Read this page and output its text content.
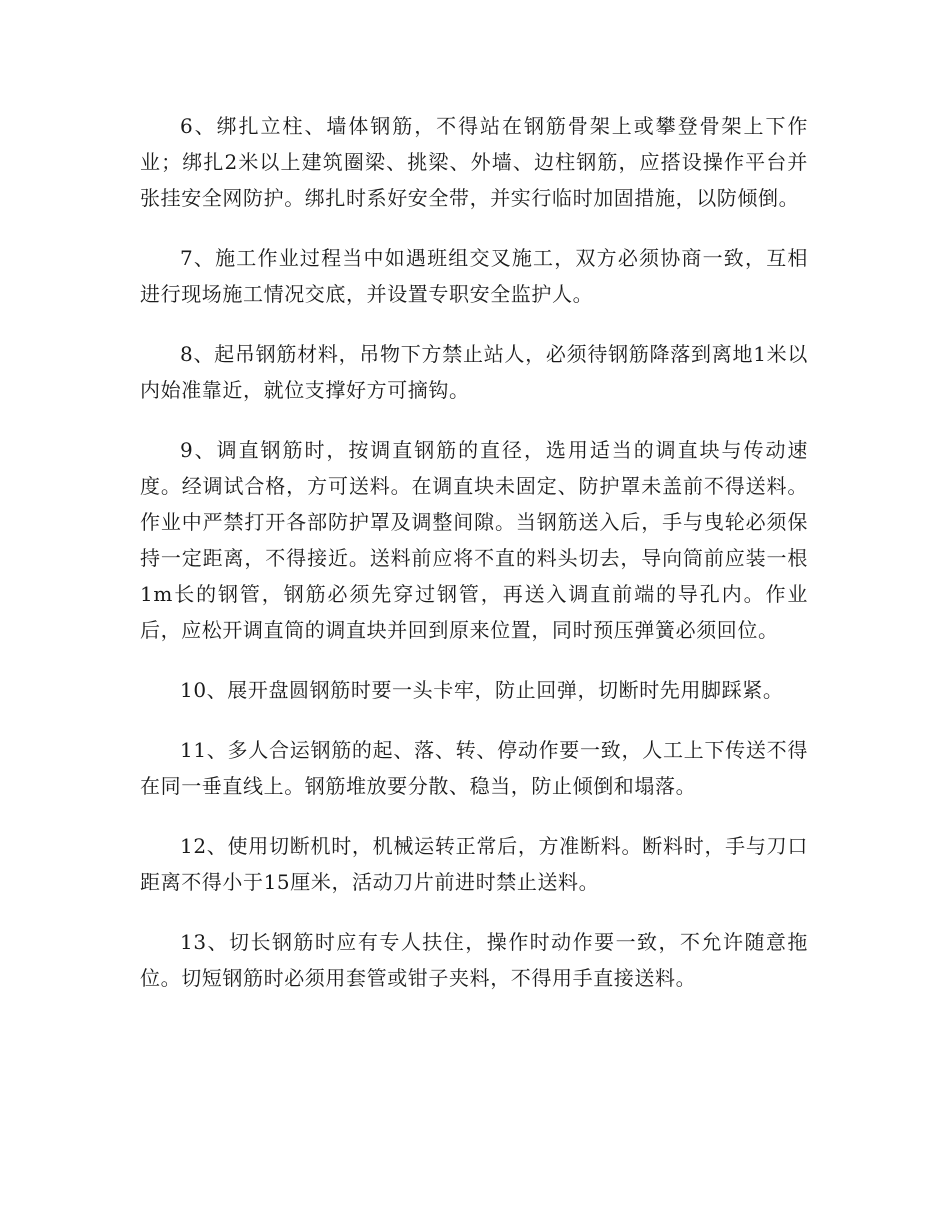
6、绑扎立柱、墙体钢筋，不得站在钢筋骨架上或攀登骨架上下作业；绑扎2米以上建筑圈梁、挑梁、外墙、边柱钢筋，应搭设操作平台并张挂安全网防护。绑扎时系好安全带，并实行临时加固措施，以防倾倒。

7、施工作业过程当中如遇班组交叉施工，双方必须协商一致，互相进行现场施工情况交底，并设置专职安全监护人。

8、起吊钢筋材料，吊物下方禁止站人，必须待钢筋降落到离地1米以内始准靠近，就位支撑好方可摘钩。

9、调直钢筋时，按调直钢筋的直径，选用适当的调直块与传动速度。经调试合格，方可送料。在调直块未固定、防护罩未盖前不得送料。作业中严禁打开各部防护罩及调整间隙。当钢筋送入后，手与曳轮必须保持一定距离，不得接近。送料前应将不直的料头切去，导向筒前应装一根1m长的钢管，钢筋必须先穿过钢管，再送入调直前端的导孔内。作业后，应松开调直筒的调直块并回到原来位置，同时预压弹簧必须回位。

10、展开盘圆钢筋时要一头卡牢，防止回弹，切断时先用脚踩紧。

11、多人合运钢筋的起、落、转、停动作要一致，人工上下传送不得在同一垂直线上。钢筋堆放要分散、稳当，防止倾倒和塌落。

12、使用切断机时，机械运转正常后，方准断料。断料时，手与刀口距离不得小于15厘米，活动刀片前进时禁止送料。

13、切长钢筋时应有专人扶住，操作时动作要一致，不允许随意拖位。切短钢筋时必须用套管或钳子夹料，不得用手直接送料。
